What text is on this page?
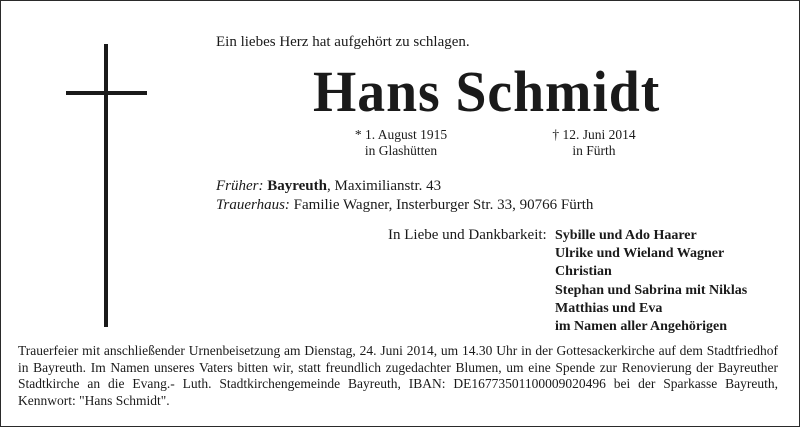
Ein liebes Herz hat aufgehört zu schlagen.
Hans Schmidt
* 1. August 1915
in Glashütten
† 12. Juni 2014
in Fürth
Früher: Bayreuth, Maximilianstr. 43
Trauerhaus: Familie Wagner, Insterburger Str. 33, 90766 Fürth
In Liebe und Dankbarkeit: Sybille und Ado Haarer
Ulrike und Wieland Wagner
Christian
Stephan und Sabrina mit Niklas
Matthias und Eva
im Namen aller Angehörigen
Trauerfeier mit anschließender Urnenbeisetzung am Dienstag, 24. Juni 2014, um 14.30 Uhr in der Gottesackerkirche auf dem Stadtfriedhof in Bayreuth. Im Namen unseres Vaters bitten wir, statt freundlich zugedachter Blumen, um eine Spende zur Renovierung der Bayreuther Stadtkirche an die Evang.- Luth. Stadtkirchengemeinde Bayreuth, IBAN: DE16773501100009020496 bei der Sparkasse Bayreuth, Kennwort: "Hans Schmidt".
